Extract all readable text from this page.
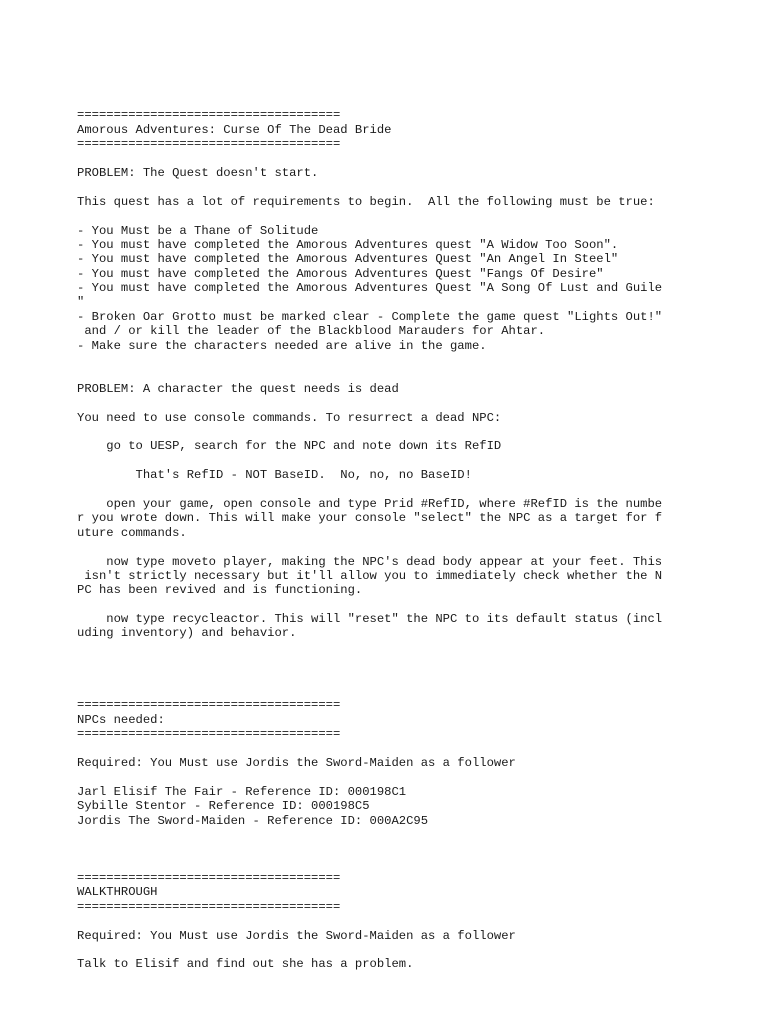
====================================
Amorous Adventures: Curse Of The Dead Bride
====================================
PROBLEM: The Quest doesn't start.
This quest has a lot of requirements to begin.  All the following must be true:
- You Must be a Thane of Solitude
- You must have completed the Amorous Adventures quest "A Widow Too Soon".
- You must have completed the Amorous Adventures Quest "An Angel In Steel"
- You must have completed the Amorous Adventures Quest "Fangs Of Desire"
- You must have completed the Amorous Adventures Quest "A Song Of Lust and Guile
"
- Broken Oar Grotto must be marked clear - Complete the game quest "Lights Out!"
and / or kill the leader of the Blackblood Marauders for Ahtar.
- Make sure the characters needed are alive in the game.
PROBLEM: A character the quest needs is dead
You need to use console commands. To resurrect a dead NPC:
go to UESP, search for the NPC and note down its RefID
That's RefID - NOT BaseID.  No, no, no BaseID!
open your game, open console and type Prid #RefID, where #RefID is the numbe
r you wrote down. This will make your console "select" the NPC as a target for f
uture commands.
now type moveto player, making the NPC's dead body appear at your feet. This
isn't strictly necessary but it'll allow you to immediately check whether the N
PC has been revived and is functioning.
now type recycleactor. This will "reset" the NPC to its default status (incl
uding inventory) and behavior.
====================================
NPCs needed:
====================================
Required: You Must use Jordis the Sword-Maiden as a follower
Jarl Elisif The Fair - Reference ID: 000198C1
Sybille Stentor - Reference ID: 000198C5
Jordis The Sword-Maiden - Reference ID: 000A2C95
====================================
WALKTHROUGH
====================================
Required: You Must use Jordis the Sword-Maiden as a follower
Talk to Elisif and find out she has a problem.
